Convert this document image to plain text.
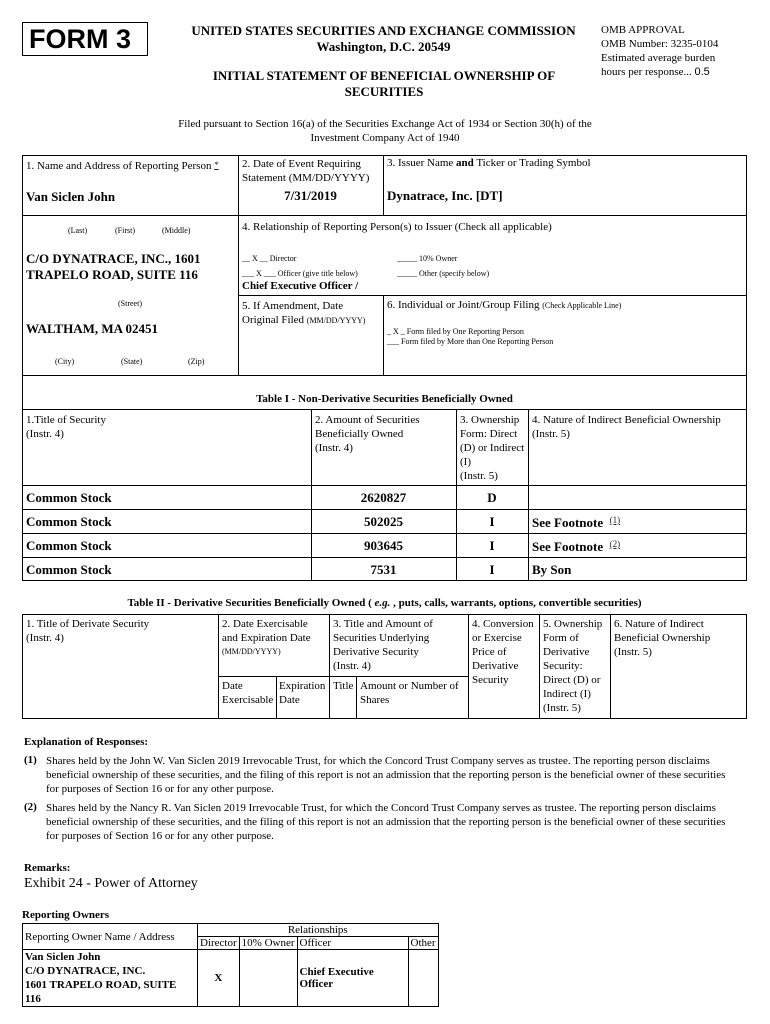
FORM 3	UNITED STATES SECURITIES AND EXCHANGE COMMISSION
Washington, D.C. 20549
INITIAL STATEMENT OF BENEFICIAL OWNERSHIP OF
SECURITIES
OMB APPROVAL
OMB Number: 3235-0104
Estimated average burden
hours per response... 0.5
Filed pursuant to Section 16(a) of the Securities Exchange Act of 1934 or Section 30(h) of the
Investment Company Act of 1940
1. Name and Address of Reporting Person *
Van Siclen John
(Last)	(First)	(Middle)
C/O DYNATRACE, INC., 1601
TRAPELO ROAD, SUITE 116
(Street)
WALTHAM, MA 02451
(City)	(State)	(Zip)
2. Date of Event Requiring
Statement (MM/DD/YYYY)
7/31/2019
3. Issuer Name and Ticker or Trading Symbol
Dynatrace, Inc. [DT]
4. Relationship of Reporting Person(s) to Issuer (Check all applicable)
__ X __ Director	_____ 10% Owner
___ X ___ Officer (give title below)	_____ Other (specify below)
Chief Executive Officer /
5. If Amendment, Date
Original Filed (MM/DD/YYYY)
6. Individual or Joint/Group Filing (Check Applicable Line)
_ X _ Form filed by One Reporting Person
___ Form filed by More than One Reporting Person
Table I - Non-Derivative Securities Beneficially Owned
1.Title of Security
(Instr. 4)
2. Amount of Securities
Beneficially Owned
(Instr. 4)
3. Ownership
Form: Direct
(D) or Indirect
(I)
(Instr. 5)
4. Nature of Indirect Beneficial Ownership
(Instr. 5)
Common Stock	2620827	D
Common Stock	502025	I	See Footnote $^{(1)}$
Common Stock	903645	I	See Footnote $^{(2)}$
Common Stock	7531	I	By Son
Table II - Derivative Securities Beneficially Owned ( e.g. , puts, calls, warrants, options, convertible securities)
1. Title of Derivate Security
(Instr. 4)
2. Date Exercisable
and Expiration Date
(MM/DD/YYYY)
3. Title and Amount of
Securities Underlying
Derivative Security
(Instr. 4)
4. Conversion
or Exercise
Price of
Derivative
Security
5. Ownership
Form of
Derivative
Security:
Direct (D) or
Indirect (I)
(Instr. 5)
6. Nature of Indirect
Beneficial Ownership
(Instr. 5)
Date
Exercisable
Expiration
Date
Title Amount or Number of
Shares
Explanation of Responses:
(1) Shares held by the John W. Van Siclen 2019 Irrevocable Trust, for which the Concord Trust Company serves as trustee. The reporting person disclaims
beneficial ownership of these securities, and the filing of this report is not an admission that the reporting person is the beneficial owner of these securities
for purposes of Section 16 or for any other purpose.
(2) Shares held by the Nancy R. Van Siclen 2019 Irrevocable Trust, for which the Concord Trust Company serves as trustee. The reporting person disclaims
beneficial ownership of these securities, and the filing of this report is not an admission that the reporting person is the beneficial owner of these securities
for purposes of Section 16 or for any other purpose.
Remarks:
Exhibit 24 - Power of Attorney
Reporting Owners
Reporting Owner Name / Address	Relationships			
	Director	10% Owner	Officer	Other

Van Siclen John
C/O DYNATRACE, INC.
1601 TRAPELO ROAD, SUITE 116	X		Chief Executive Officer	
